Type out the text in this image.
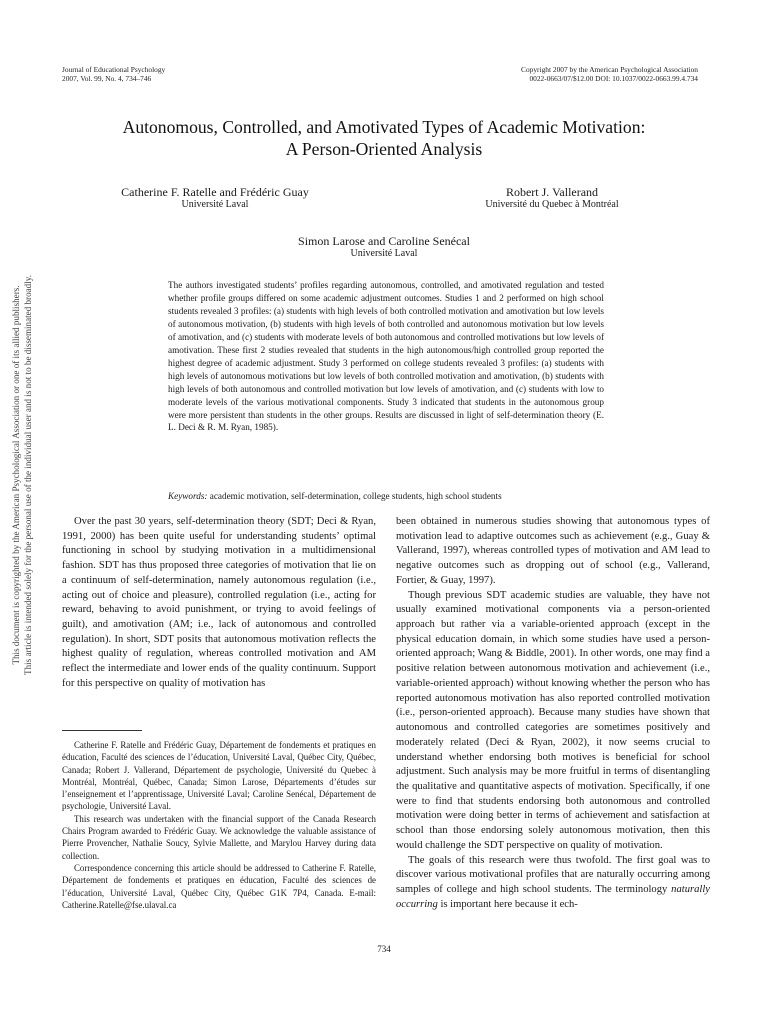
Journal of Educational Psychology
2007, Vol. 99, No. 4, 734–746
Copyright 2007 by the American Psychological Association
0022-0663/07/$12.00 DOI: 10.1037/0022-0663.99.4.734
Autonomous, Controlled, and Amotivated Types of Academic Motivation:
A Person-Oriented Analysis
Catherine F. Ratelle and Frédéric Guay
Université Laval
Robert J. Vallerand
Université du Quebec à Montréal
Simon Larose and Caroline Senécal
Université Laval
The authors investigated students’ profiles regarding autonomous, controlled, and amotivated regulation and tested whether profile groups differed on some academic adjustment outcomes. Studies 1 and 2 performed on high school students revealed 3 profiles: (a) students with high levels of both controlled motivation and amotivation but low levels of autonomous motivation, (b) students with high levels of both controlled and autonomous motivation but low levels of amotivation, and (c) students with moderate levels of both autonomous and controlled motivations but low levels of amotivation. These first 2 studies revealed that students in the high autonomous/high controlled group reported the highest degree of academic adjustment. Study 3 performed on college students revealed 3 profiles: (a) students with high levels of autonomous motivations but low levels of both controlled motivation and amotivation, (b) students with high levels of both autonomous and controlled motivation but low levels of amotivation, and (c) students with low to moderate levels of the various motivational components. Study 3 indicated that students in the autonomous group were more persistent than students in the other groups. Results are discussed in light of self-determination theory (E. L. Deci & R. M. Ryan, 1985).
Keywords: academic motivation, self-determination, college students, high school students

Over the past 30 years, self-determination theory (SDT; Deci & Ryan, 1991, 2000) has been quite useful for understanding students’ optimal functioning in school by studying motivation in a multidimensional fashion. SDT has thus proposed three categories of motivation that lie on a continuum of self-determination, namely autonomous regulation (i.e., acting out of choice and pleasure), controlled regulation (i.e., acting for reward, behaving to avoid punishment, or trying to avoid feelings of guilt), and amotivation (AM; i.e., lack of autonomous and controlled regulation). In short, SDT posits that autonomous motivation reflects the highest quality of regulation, whereas controlled motivation and AM reflect the intermediate and lower ends of the quality continuum. Support for this perspective on quality of motivation has

Catherine F. Ratelle and Frédéric Guay, Département de fondements et pratiques en éducation, Faculté des sciences de l’éducation, Université Laval, Québec City, Québec, Canada; Robert J. Vallerand, Département de psychologie, Université du Quebec à Montréal, Montréal, Québec, Canada; Simon Larose, Départements d’études sur l’enseignement et l’apprentissage, Université Laval; Caroline Senécal, Département de psychologie, Université Laval.

This research was undertaken with the financial support of the Canada Research Chairs Program awarded to Frédéric Guay. We acknowledge the valuable assistance of Pierre Provencher, Nathalie Soucy, Sylvie Mallette, and Marylou Harvey during data collection.

Correspondence concerning this article should be addressed to Catherine F. Ratelle, Département de fondements et pratiques en éducation, Faculté des sciences de l’éducation, Université Laval, Québec City, Québec G1K 7P4, Canada. E-mail: Catherine.Ratelle@fse.ulaval.ca

been obtained in numerous studies showing that autonomous types of motivation lead to adaptive outcomes such as achievement (e.g., Guay & Vallerand, 1997), whereas controlled types of motivation and AM lead to negative outcomes such as dropping out of school (e.g., Vallerand, Fortier, & Guay, 1997).

Though previous SDT academic studies are valuable, they have not usually examined motivational components via a person-oriented approach but rather via a variable-oriented approach (except in the physical education domain, in which some studies have used a person-oriented approach; Wang & Biddle, 2001). In other words, one may find a positive relation between autonomous motivation and achievement (i.e., variable-oriented approach) without knowing whether the person who has reported autonomous motivation has also reported controlled motivation (i.e., person-oriented approach). Because many studies have shown that autonomous and controlled categories are sometimes positively and moderately related (Deci & Ryan, 2002), it now seems crucial to understand whether endorsing both motives is beneficial for school adjustment. Such analysis may be more fruitful in terms of disentangling the qualitative and quantitative aspects of motivation. Specifically, if one were to find that students endorsing both autonomous and controlled motivation were doing better in terms of achievement and satisfaction at school than those endorsing solely autonomous motivation, then this would challenge the SDT perspective on quality of motivation.

The goals of this research were thus twofold. The first goal was to discover various motivational profiles that are naturally occurring among samples of college and high school students. The terminology naturally occurring is important here because it ech-

734
This document is copyrighted by the American Psychological Association or one of its allied publishers. This article is intended solely for the personal use of the individual user and is not to be disseminated broadly.
